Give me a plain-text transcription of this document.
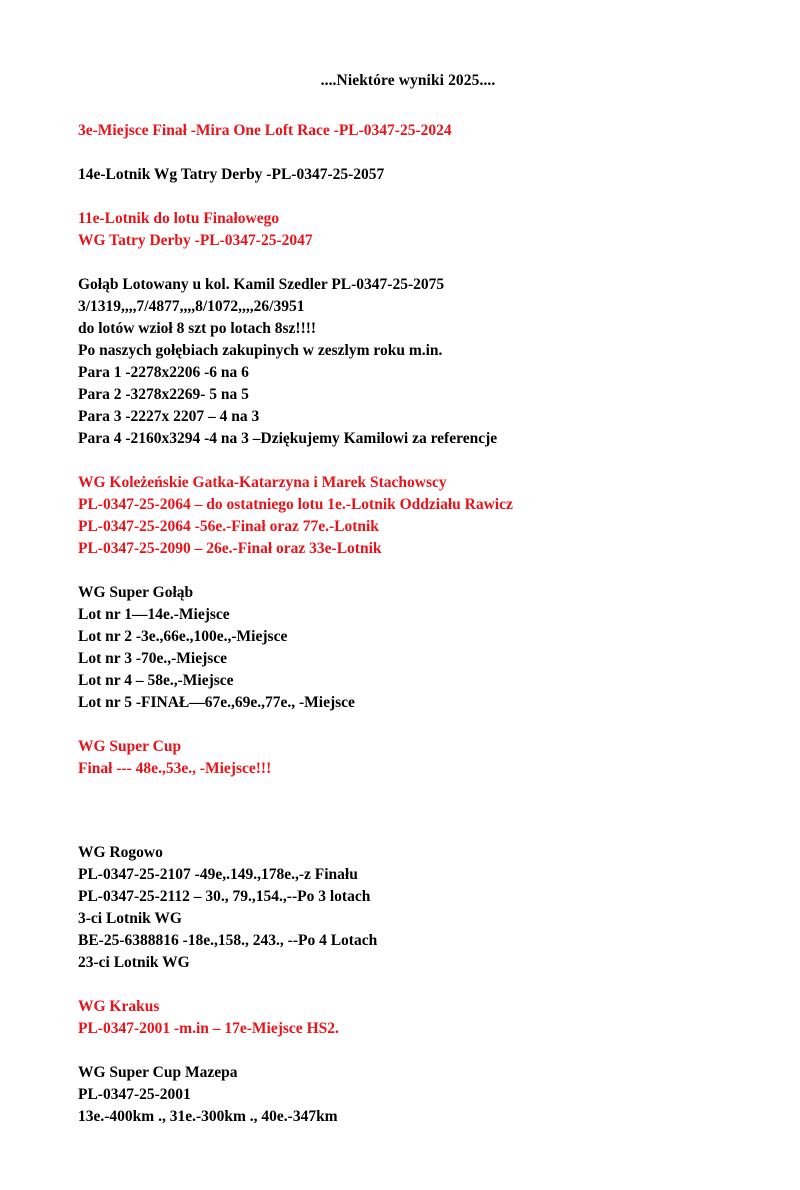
....Niektóre wyniki 2025....
3e-Miejsce Finał -Mira One Loft Race -PL-0347-25-2024
14e-Lotnik Wg Tatry Derby -PL-0347-25-2057
11e-Lotnik do lotu Finałowego
WG Tatry Derby -PL-0347-25-2047
Gołąb Lotowany u kol. Kamil Szedler PL-0347-25-2075
3/1319,,,,7/4877,,,,8/1072,,,,26/3951
do lotów wzioł 8 szt po lotach 8sz!!!!
Po naszych gołębiach zakupinych w zeszlym roku m.in.
Para 1 -2278x2206 -6 na 6
Para 2 -3278x2269- 5 na 5
Para 3 -2227x 2207 – 4 na 3
Para 4 -2160x3294 -4 na 3 –Dziękujemy Kamilowi za referencje
WG Koleżeńskie Gatka-Katarzyna i Marek Stachowscy
PL-0347-25-2064 – do ostatniego lotu 1e.-Lotnik Oddziału Rawicz
PL-0347-25-2064 -56e.-Finał oraz 77e.-Lotnik
PL-0347-25-2090 – 26e.-Finał oraz 33e-Lotnik
WG Super Gołąb
Lot nr 1—14e.-Miejsce
Lot nr 2 -3e.,66e.,100e.,-Miejsce
Lot nr 3 -70e.,-Miejsce
Lot nr 4 – 58e.,-Miejsce
Lot nr 5 -FINAŁ—67e.,69e.,77e., -Miejsce
WG Super Cup
Finał --- 48e.,53e., -Miejsce!!!
WG Rogowo
PL-0347-25-2107 -49e,.149.,178e.,-z Finału
PL-0347-25-2112 – 30., 79.,154.,--Po 3 lotach
3-ci Lotnik WG
BE-25-6388816 -18e.,158., 243., --Po 4 Lotach
23-ci Lotnik WG
WG Krakus
PL-0347-2001 -m.in – 17e-Miejsce HS2.
WG Super Cup Mazepa
PL-0347-25-2001
13e.-400km ., 31e.-300km ., 40e.-347km
